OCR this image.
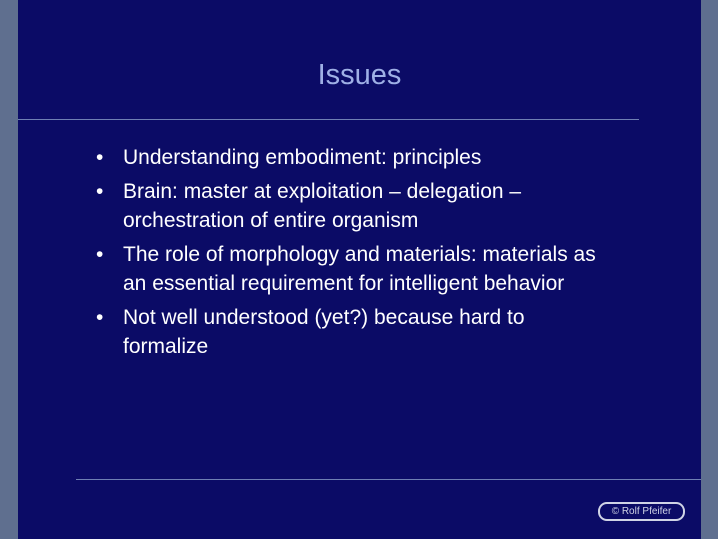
Issues
• Understanding embodiment: principles
• Brain: master at exploitation – delegation – orchestration of entire organism
• The role of morphology and materials: materials as an essential requirement for intelligent behavior
• Not well understood (yet?) because hard to formalize
© Rolf Pfeifer
